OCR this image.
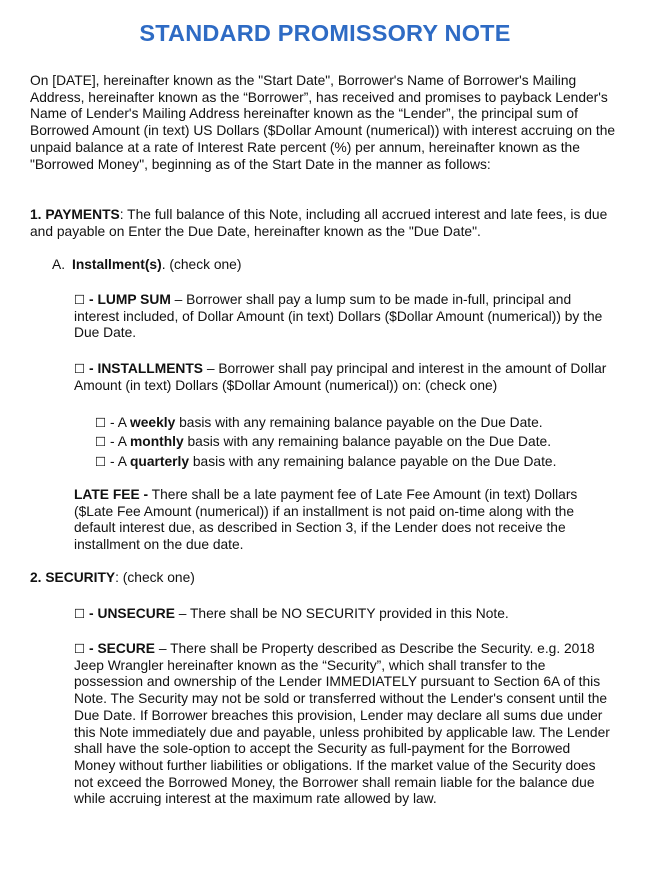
STANDARD PROMISSORY NOTE

On [DATE], hereinafter known as the "Start Date", Borrower's Name of Borrower's Mailing Address, hereinafter known as the “Borrower”, has received and promises to payback Lender's Name of Lender's Mailing Address hereinafter known as the “Lender”, the principal sum of Borrowed Amount (in text) US Dollars ($Dollar Amount (numerical)) with interest accruing on the unpaid balance at a rate of Interest Rate percent (%) per annum, hereinafter known as the "Borrowed Money", beginning as of the Start Date in the manner as follows:

1. PAYMENTS: The full balance of this Note, including all accrued interest and late fees, is due and payable on Enter the Due Date, hereinafter known as the "Due Date".

A. Installment(s). (check one)

☐ - LUMP SUM – Borrower shall pay a lump sum to be made in-full, principal and interest included, of Dollar Amount (in text) Dollars ($Dollar Amount (numerical)) by the Due Date.

☐ - INSTALLMENTS – Borrower shall pay principal and interest in the amount of Dollar Amount (in text) Dollars ($Dollar Amount (numerical)) on: (check one)

☐ - A weekly basis with any remaining balance payable on the Due Date.
☐ - A monthly basis with any remaining balance payable on the Due Date.
☐ - A quarterly basis with any remaining balance payable on the Due Date.

LATE FEE - There shall be a late payment fee of Late Fee Amount (in text) Dollars ($Late Fee Amount (numerical)) if an installment is not paid on-time along with the default interest due, as described in Section 3, if the Lender does not receive the installment on the due date.

2. SECURITY: (check one)

☐ - UNSECURE – There shall be NO SECURITY provided in this Note.

☐ - SECURE – There shall be Property described as Describe the Security. e.g. 2018 Jeep Wrangler hereinafter known as the “Security”, which shall transfer to the possession and ownership of the Lender IMMEDIATELY pursuant to Section 6A of this Note. The Security may not be sold or transferred without the Lender's consent until the Due Date. If Borrower breaches this provision, Lender may declare all sums due under this Note immediately due and payable, unless prohibited by applicable law. The Lender shall have the sole-option to accept the Security as full-payment for the Borrowed Money without further liabilities or obligations. If the market value of the Security does not exceed the Borrowed Money, the Borrower shall remain liable for the balance due while accruing interest at the maximum rate allowed by law.
